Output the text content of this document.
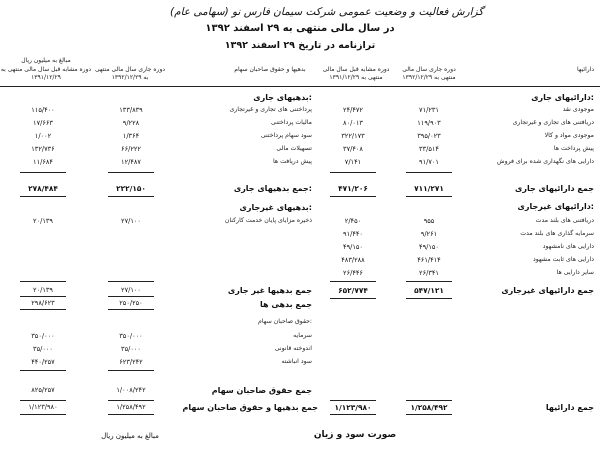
گزارش فعالیت و وضعیت عمومی شرکت سیمان فارس نو (سهامی عام)
در سال مالی منتهی به ۲۹ اسفند ۱۳۹۲
ترازنامه در تاریخ ۲۹ اسفند ۱۳۹۲
مبالغ به میلیون ریال
دوره مشابه قبل سال مالی منتهی به ۱۳۹۱/۱۲/۲۹
دوره جاری سال مالی منتهی به ۱۳۹۲/۱۲/۲۹
بدهیها و حقوق صاحبان سهام	دوره مشابه قبل سال مالی منتهی به ۱۳۹۱/۱۲/۲۹
دوره جاری سال مالی منتهی به ۱۳۹۲/۱۲/۲۹
دارائیها
دارائیهای جاری:
موجودی نقد
۷۱/۲۳۱
۲۴/۴۷۲
دریافتنی های تجاری و غیرتجاری
۱۱۹/۹۰۳
۸۰/۰۱۳
موجودی مواد و کالا
۳۹۵/۰۲۳
۳۲۲/۱۷۳
پیش پرداخت ها
۳۳/۵۱۴
۳۷/۴۰۸
دارایی های نگهداری شده برای فروش
۹۱/۷۰۱
۷/۱۴۱
جمع دارائیهای جاری
۷۱۱/۲۷۱
۴۷۱/۲۰۶
دارائیهای غیرجاری:
دریافتنی های بلند مدت
۹۵۵
۲/۴۵۰
سرمایه گذاری های بلند مدت
۹/۲۶۱
۹۱/۴۴۰
دارایی های نامشهود
۴۹/۱۵۰
۴۹/۱۵۰
دارایی های ثابت مشهود
۴۶۱/۴۱۴
۴۸۳/۲۸۸
سایر دارایی ها
۲۶/۳۴۱
۲۶/۴۴۶
جمع دارائیهای غیرجاری
۵۴۷/۱۲۱
۶۵۲/۷۷۴
جمع دارائیها
۱/۲۵۸/۴۹۲
۱/۱۲۳/۹۸۰
بدهیهای جاری:
پرداختنی های تجاری و غیرتجاری
۱۳۳/۸۳۹
۱۱۵/۴۰۰
مالیات پرداختنی
۹/۲۲۸
۱۷/۶۶۳
سود سهام پرداختنی
۱/۳۶۴
۱/۰۰۲
تسهیلات مالی
۶۶/۲۲۲
۱۳۲/۷۳۶
پیش دریافت ها
۱۲/۴۸۷
۱۱/۶۸۴
جمع بدهیهای جاری:
۲۲۲/۱۵۰
۲۷۸/۴۸۴
بدهیهای غیرجاری:
ذخیره مزایای پایان خدمت کارکنان
۲۷/۱۰۰
۲۰/۱۳۹
جمع بدهیها غیر جاری
۲۷/۱۰۰
۲۰/۱۳۹
جمع بدهی ها
۲۵۰/۲۵۰
۲۹۸/۶۲۳
حقوق صاحبان سهام:
سرمایه
۳۵۰/۰۰۰
۳۵۰/۰۰۰
اندوخته قانونی
۳۵/۰۰۰
۳۵/۰۰۰
سود انباشته
۶۲۳/۲۴۲
۴۴۰/۲۵۷
جمع حقوق صاحبان سهام
۱/۰۰۸/۲۴۲
۸۲۵/۲۵۷
جمع بدهیها و حقوق صاحبان سهام
۱/۲۵۸/۴۹۲
۱/۱۲۳/۹۸۰
مبالغ به میلیون ریال	صورت سود و زیان
